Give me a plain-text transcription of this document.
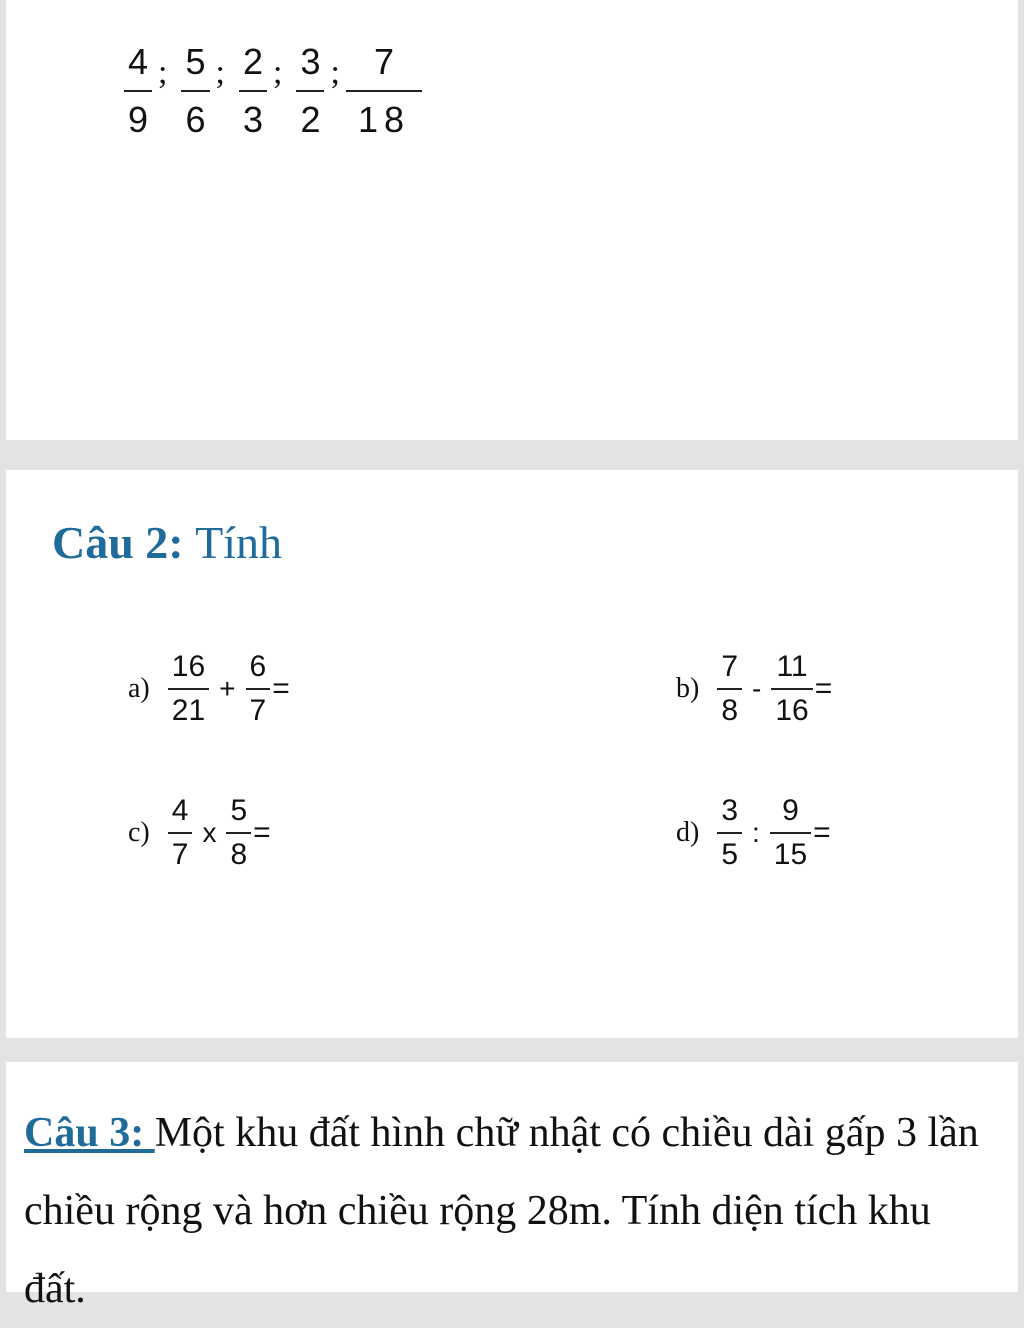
$\frac{4}{9}$ ; $\frac{5}{6}$ ; $\frac{2}{3}$ ; $\frac{3}{2}$ ; $\frac{7}{18}$
Câu 2: Tính
$a) \frac{16}{21} + \frac{6}{7}$ =	$b) \frac{7}{8} - \frac{11}{16}$ =
$c) \frac{4}{7}$ x $\frac{5}{8}$ =	$d) \frac{3}{5}$ : $\frac{9}{15}$ =

Câu 3: Một khu đất hình chữ nhật có chiều dài gấp 3 lần chiều rộng và hơn chiều rộng 28m. Tính diện tích khu đất.
